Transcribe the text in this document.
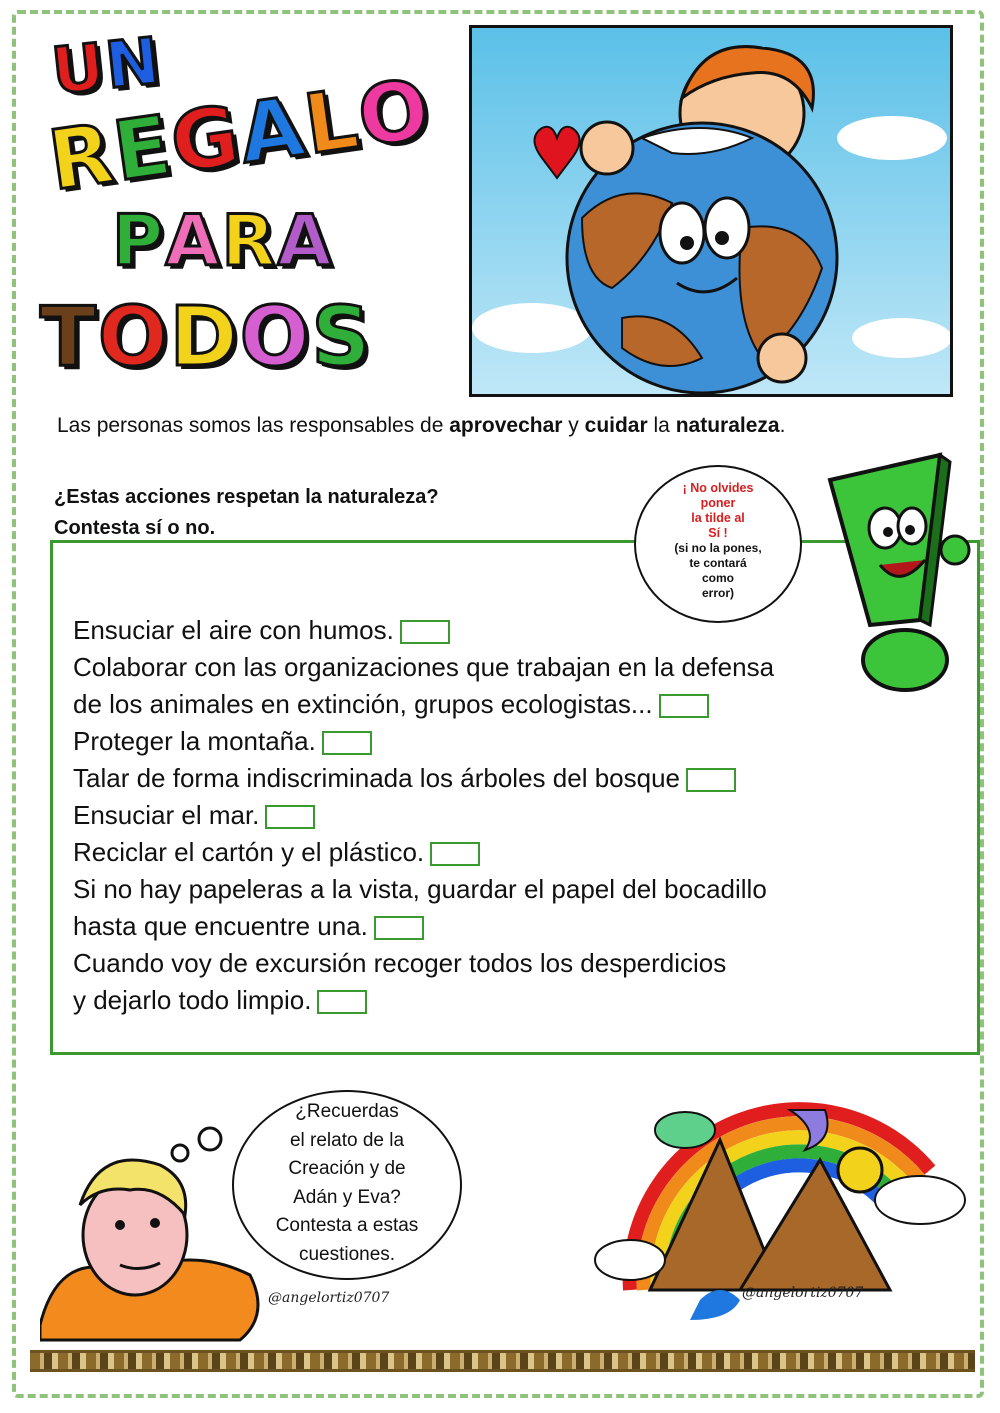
UN
REGALO
PARA
TODOS
Las personas somos las responsables de aprovechar y cuidar la naturaleza.
¿Estas acciones respetan la naturaleza?
Contesta sí o no.
Ensuciar el aire con humos.
Colaborar con las organizaciones que trabajan en la defensa
de los animales en extinción, grupos ecologistas...
Proteger la montaña.
Talar de forma indiscriminada los árboles del bosque
Ensuciar el mar.
Reciclar el cartón y el plástico.
Si no hay papeleras a la vista, guardar el papel del bocadillo
hasta que encuentre una.
Cuando voy de excursión recoger todos los desperdicios
y dejarlo todo limpio.
¡ No olvides
poner
la tilde al
Sí !
(si no la pones,
te contará
como
error)
¿Recuerdas
el relato de la
Creación y de
Adán y Eva?
Contesta a estas
cuestiones.
@angelortiz0707	@angelortiz0707
